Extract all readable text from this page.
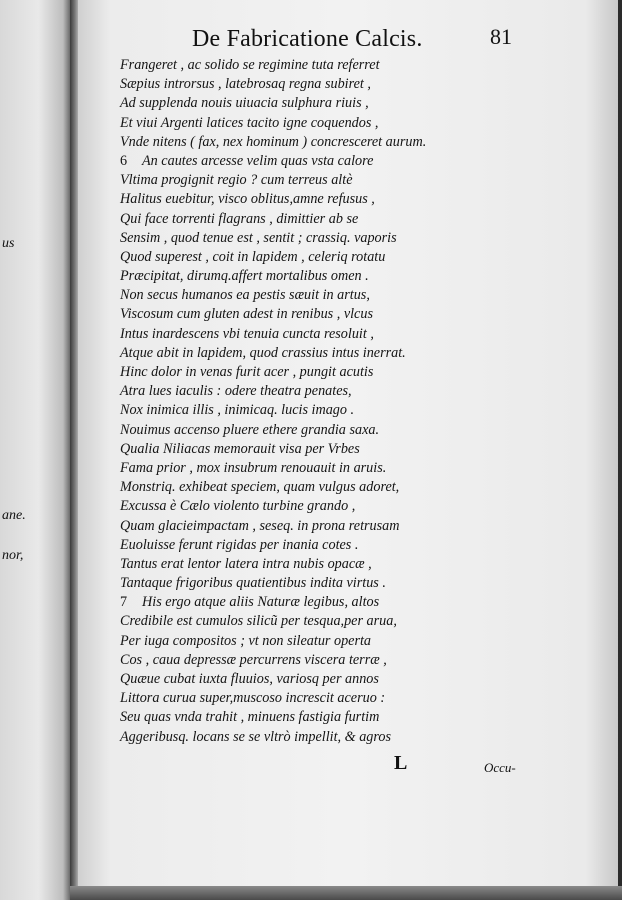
us
ane.
nor,
De Fabricatione Calcis.	81
Frangeret , ac solido se regimine tuta referret
Sæpius introrsus , latebrosaq regna subiret ,
Ad supplenda nouis uiuacia sulphura riuis ,
Et viui Argenti latices tacito igne coquendos ,
Vnde nitens ( fax, nex hominum ) concresceret aurum.
6 An cautes arcesse velim quas vsta calore
Vltima progignit regio ? cum terreus altè
Halitus euebitur, visco oblitus,amne refusus ,
Qui face torrenti flagrans , dimittier ab se
Sensim , quod tenue est , sentit ; crassiq. vaporis
Quod superest , coit in lapidem , celeriq rotatu
Præcipitat, dirumq.affert mortalibus omen .
Non secus humanos ea pestis sæuit in artus,
Viscosum cum gluten adest in renibus , vlcus
Intus inardescens vbi tenuia cuncta resoluit ,
Atque abit in lapidem, quod crassius intus inerrat.
Hinc dolor in venas furit acer , pungit acutis
Atra lues iaculis : odere theatra penates,
Nox inimica illis , inimicaq. lucis imago .
Nouimus accenso pluere ethere grandia saxa.
Qualia Niliacas memorauit visa per Vrbes
Fama prior , mox insubrum renouauit in aruis.
Monstriq. exhibeat speciem, quam vulgus adoret,
Excussa è Cælo violento turbine grando ,
Quam glacieimpactam , seseq. in prona retrusam
Euoluisse ferunt rigidas per inania cotes .
Tantus erat lentor latera intra nubis opacæ ,
Tantaque frigoribus quatientibus indita virtus .
7 His ergo atque aliis Naturæ legibus, altos
Credibile est cumulos silicũ per tesqua,per arua,
Per iuga compositos ; vt non sileatur operta
Cos , caua depressæ percurrens viscera terræ ,
Quæue cubat iuxta fluuios, variosq per annos
Littora curua super,muscoso increscit aceruo :
Seu quas vnda trahit , minuens fastigia furtim
Aggeribusq. locans se se vltrò impellit, & agros
L	Occu-
